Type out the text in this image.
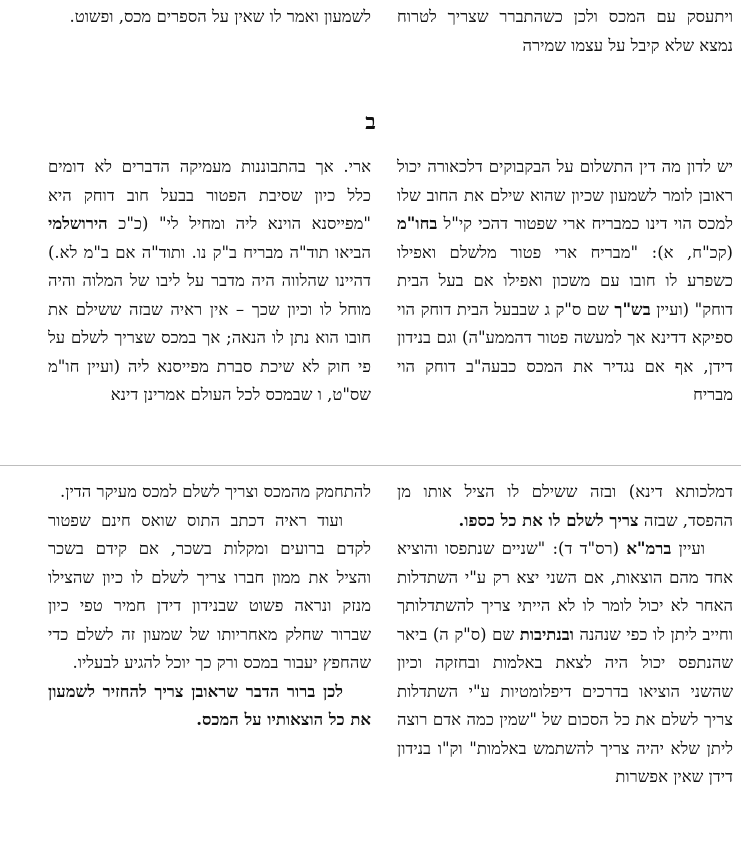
ויתעסק עם המכס ולכן כשהתברר שצריך לטרוח נמצא שלא קיבל על עצמו שמירה

לשמעון ואמר לו שאין על הספרים מכס, ופשוט.

ב
יש לדון מה דין התשלום על הבקבוקים דלכאורה יכול ראובן לומר לשמעון שכיון שהוא שילם את החוב שלו למכס הוי דינו כמבריח ארי שפטור דהכי קי"ל בחו"מ (קכ"ח, א): "מבריח ארי פטור מלשלם ואפילו כשפרע לו חובו עם משכון ואפילו אם בעל הבית דוחק" (ועיין בש"ך שם ס"ק ג שבבעל הבית דוחק הוי ספיקא דדינא אך למעשה פטור דהממע"ה) וגם בנידון דידן, אף אם נגדיר את המכס כבעה"ב דוחק הוי מבריח
ארי. אך בהתבוננות מעמיקה הדברים לא דומים כלל כיון שסיבת הפטור בבעל חוב דוחק היא "מפייסנא הוינא ליה ומחיל לי" (כ"כ הירושלמי הביאו תוד"ה מבריח ב"ק נו. ותוד"ה אם ב"מ לא.) דהיינו שהלווה היה מדבר על ליבו של המלוה והיה מוחל לו וכיון שכך – אין ראיה שבזה ששילם את חובו הוא נתן לו הנאה; אך במכס שצריך לשלם על פי חוק לא שיכת סברת מפייסנא ליה (ועיין חו"מ שס"ט, ו שבמכס לכל העולם אמרינן דינא
דמלכותא דינא) ובזה ששילם לו הציל אותו מן ההפסד, שבזה צריך לשלם לו את כל כספו.
ועיין ברמ"א (רס"ד ד): "שניים שנתפסו והוציא אחד מהם הוצאות, אם השני יצא רק ע"י השתדלות האחר לא יכול לומר לו לא הייתי צריך להשתדלותך וחייב ליתן לו כפי שנהנה ובנתיבות שם (ס"ק ה) ביאר שהנתפס יכול היה לצאת באלמות ובחזקה וכיון שהשני הוציאו בדרכים דיפלומטיות ע"י השתדלות צריך לשלם את כל הסכום של "שמין כמה אדם רוצה ליתן שלא יהיה צריך להשתמש באלמות" וק"ו בנידון דידן שאין אפשרות
להתחמק מהמכס וצריך לשלם למכס מעיקר הדין.
ועוד ראיה דכתב התוס שואס חינם שפטור לקדם ברועים ומקלות בשכר, אם קידם בשכר והציל את ממון חברו צריך לשלם לו כיון שהצילו מנזק ונראה פשוט שבנידון דידן חמיר טפי כיון שברור שחלק מאחריותו של שמעון זה לשלם כדי שהחפץ יעבור במכס ורק כך יוכל להגיע לבעליו.
לכן ברור הדבר שראובן צריך להחזיר לשמעון את כל הוצאותיו על המכס.
